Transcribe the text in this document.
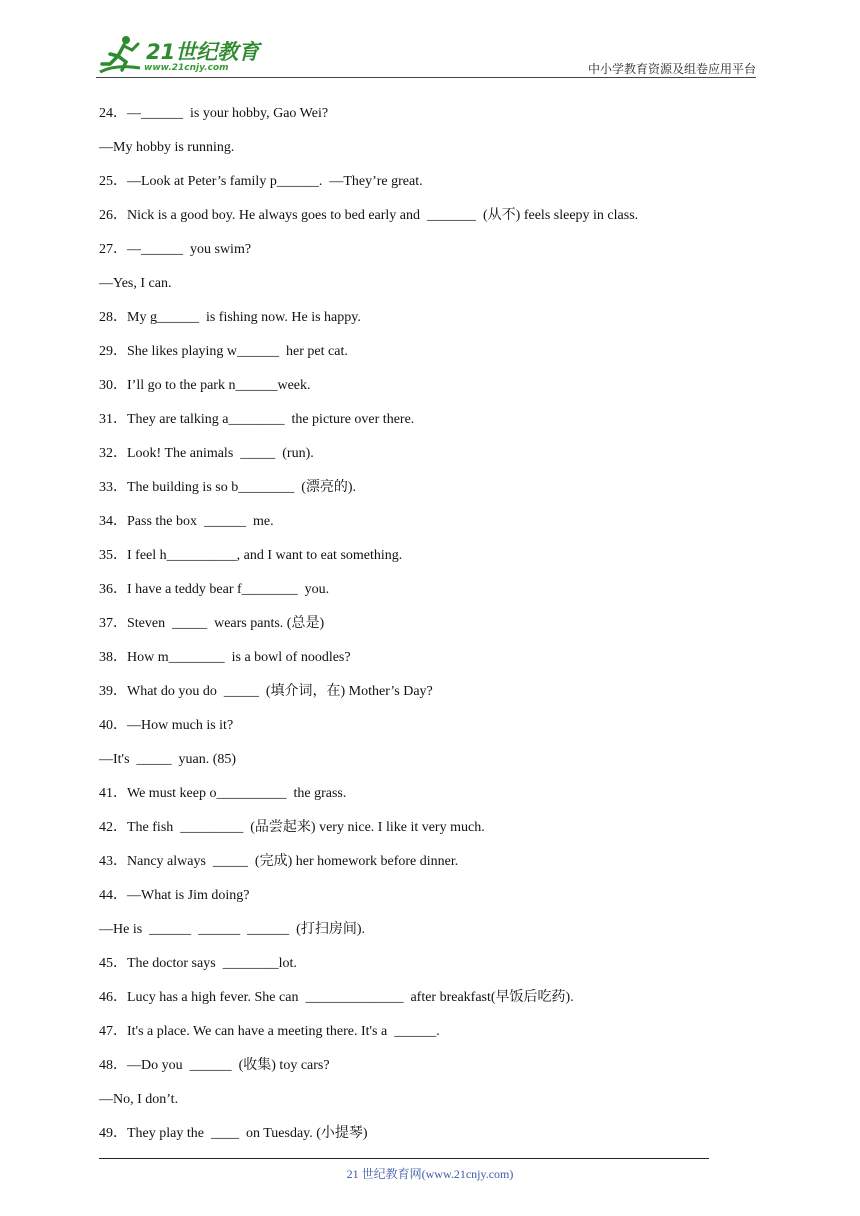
21世纪教育
www.21cnjy.com	中小学教育资源及组卷应用平台
24．—______  is your hobby, Gao Wei?
—My hobby is running.
25．—Look at Peter’s family p______.  —They’re great.
26．Nick is a good boy. He always goes to bed early and  _______  (从不) feels sleepy in class.
27．—______  you swim?
—Yes, I can.
28．My g______  is fishing now. He is happy.
29．She likes playing w______  her pet cat.
30．I’ll go to the park n______week.
31．They are talking a________  the picture over there.
32．Look! The animals  _____  (run).
33．The building is so b________  (漂亮的).
34．Pass the box  ______  me.
35．I feel h__________, and I want to eat something.
36．I have a teddy bear f________  you.
37．Steven  _____  wears pants. (总是)
38．How m________  is a bowl of noodles?
39．What do you do  _____  (填介词，在) Mother’s Day?
40．—How much is it?
—It's  _____  yuan. (85)
41．We must keep o__________  the grass.
42．The fish  _________  (品尝起来) very nice. I like it very much.
43．Nancy always  _____  (完成) her homework before dinner.
44．—What is Jim doing?
—He is  ______  ______  ______  (打扫房间).
45．The doctor says  ________lot.
46．Lucy has a high fever. She can  ______________  after breakfast(早饭后吃药).
47．It's a place. We can have a meeting there. It's a  ______.
48．—Do you  ______  (收集) toy cars?
—No, I don’t.
49．They play the  ____  on Tuesday. (小提琴)
21 世纪教育网(www.21cnjy.com)
